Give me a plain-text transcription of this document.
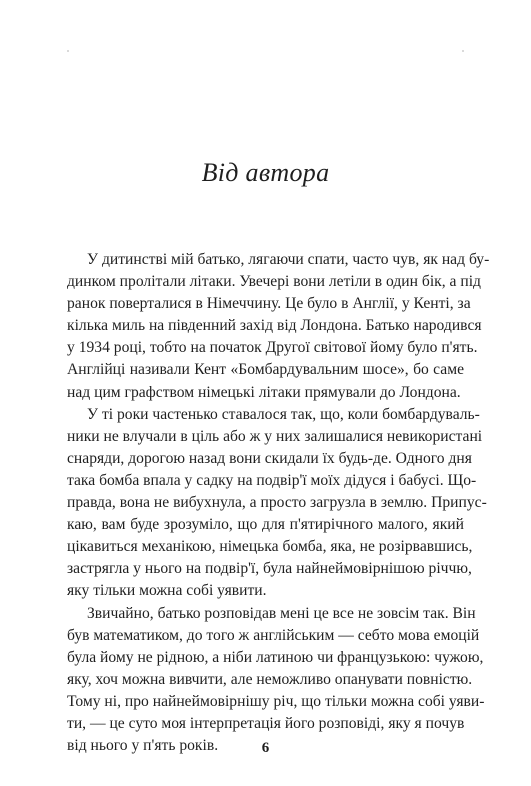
Від автора
У дитинстві мій батько, лягаючи спати, часто чув, як над бу-
динком пролітали літаки. Увечері вони летіли в один бік, а під
ранок поверталися в Німеччину. Це було в Англії, у Кенті, за
кілька миль на південний захід від Лондона. Батько народився
у 1934 році, тобто на початок Другої світової йому було п'ять.
Англійці називали Кент «Бомбардувальним шосе», бо саме
над цим графством німецькі літаки прямували до Лондона.
У ті роки частенько ставалося так, що, коли бомбардуваль-
ники не влучали в ціль або ж у них залишалися невикористані
снаряди, дорогою назад вони скидали їх будь-де. Одного дня
така бомба впала у садку на подвір'ї моїх дідуся і бабусі. Що-
правда, вона не вибухнула, а просто загрузла в землю. Припус-
каю, вам буде зрозуміло, що для п'ятирічного малого, який
цікавиться механікою, німецька бомба, яка, не розірвавшись,
застрягла у нього на подвір'ї, була найнеймовірнішою річчю,
яку тільки можна собі уявити.
Звичайно, батько розповідав мені це все не зовсім так. Він
був математиком, до того ж англійським — себто мова емоцій
була йому не рідною, а ніби латиною чи французькою: чужою,
яку, хоч можна вивчити, але неможливо опанувати повністю.
Тому ні, про найнеймовірнішу річ, що тільки можна собі уяви-
ти, — це суто моя інтерпретація його розповіді, яку я почув
від нього у п'ять років.	6
